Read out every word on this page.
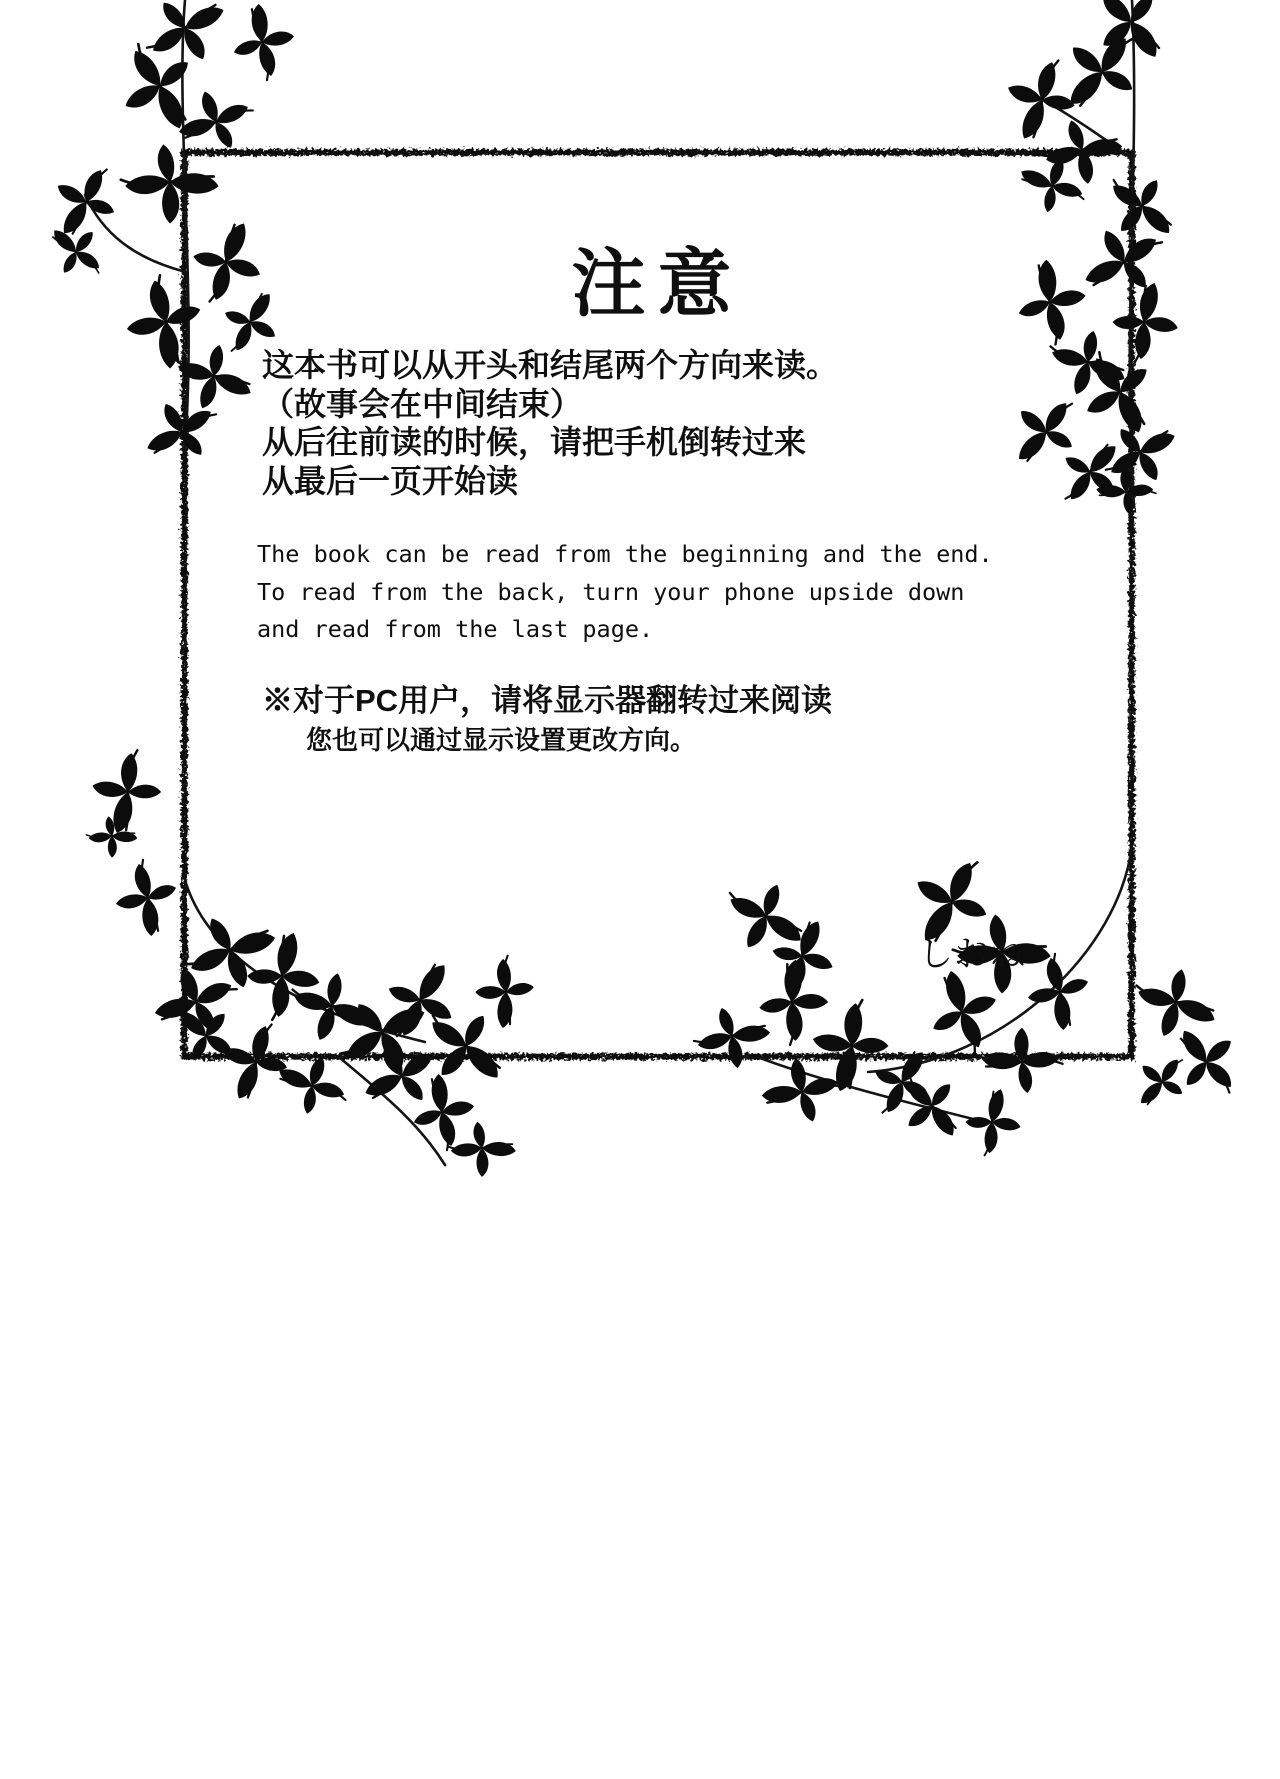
注意

这本书可以从开头和结尾两个方向来读。

（故事会在中间结束）

从后往前读的时候，请把手机倒转过来

从最后一页开始读

The book can be read from the beginning and the end.

To read from the back, turn your phone upside down

and read from the last page.

※对于PC用户，请将显示器翻转过来阅读

您也可以通过显示设置更改方向。

しおね
